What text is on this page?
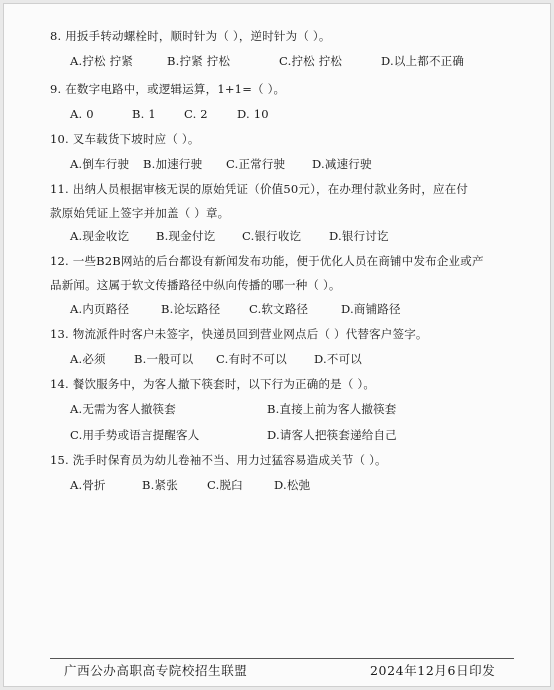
8. 用扳手转动螺栓时，顺时针为（ ），逆时针为（ ）。
A.拧松 拧紧	B.拧紧 拧松	C.拧松 拧松	D.以上都不正确
9. 在数字电路中，或逻辑运算，1+1=（ ）。
A. 0	B. 1 C. 2	D. 10
10. 叉车载货下坡时应（ ）。
A.倒车行驶 B.加速行驶 C.正常行驶 D.减速行驶
11. 出纳人员根据审核无误的原始凭证（价值50元），在办理付款业务时，应在付
款原始凭证上签字并加盖（ ）章。
A.现金收讫 B.现金付讫 C.银行收讫 D.银行讨讫
12. 一些B2B网站的后台都设有新闻发布功能，便于优化人员在商铺中发布企业或产
品新闻。这属于软文传播路径中纵向传播的哪一种（ ）。
A.内页路径	B.论坛路径 C.软文路径	D.商铺路径
13. 物流派件时客户未签字，快递员回到营业网点后（ ）代替客户签字。
A.必须 B.一般可以 C.有时不可以 D.不可以
14. 餐饮服务中，为客人撤下筷套时，以下行为正确的是（ ）。
A.无需为客人撤筷套	B.直接上前为客人撤筷套
C.用手势或语言提醒客人	D.请客人把筷套递给自己
15. 洗手时保育员为幼儿卷袖不当、用力过猛容易造成关节（ ）。
A.骨折	B.紧张	C.脱臼	D.松弛
广西公办高职高专院校招生联盟	2024年12月6日印发
